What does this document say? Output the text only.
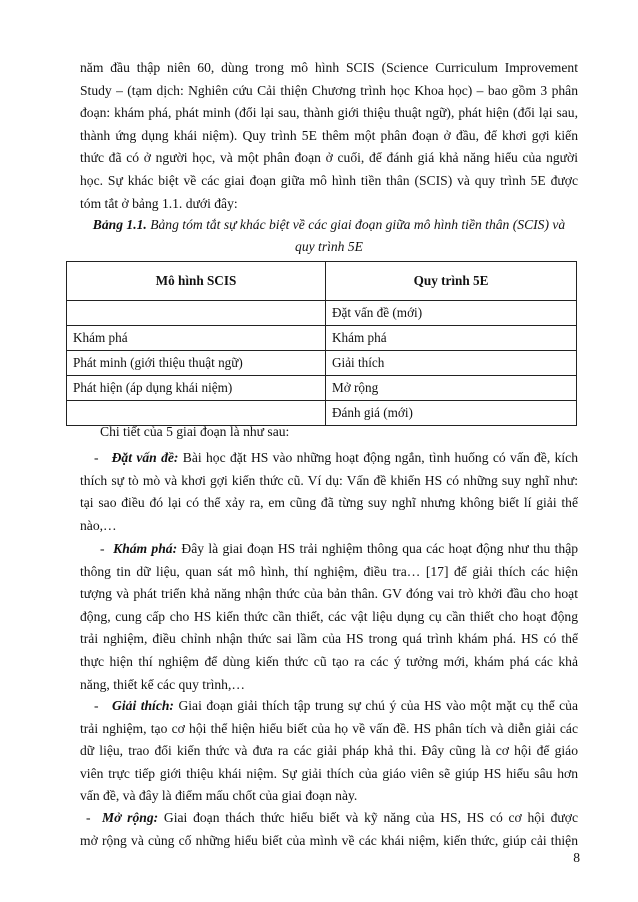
năm đầu thập niên 60, dùng trong mô hình SCIS (Science Curriculum Improvement
Study – (tạm dịch: Nghiên cứu Cải thiện Chương trình học Khoa học) – bao gồm 3 phân
đoạn: khám phá, phát minh (đổi lại sau, thành giới thiệu thuật ngữ), phát hiện (đổi lại sau,
thành ứng dụng khái niệm). Quy trình 5E thêm một phân đoạn ở đầu, để khơi gợi kiến
thức đã có ở người học, và một phân đoạn ở cuối, để đánh giá khả năng hiểu của người
học. Sự khác biệt về các giai đoạn giữa mô hình tiền thân (SCIS) và quy trình 5E được
tóm tắt ở bảng 1.1. dưới đây:
Bảng 1.1. Bảng tóm tắt sự khác biệt về các giai đoạn giữa mô hình tiền thân (SCIS) và
quy trình 5E
Mô hình SCIS	Quy trình 5E
	Đặt vấn đề (mới)
Khám phá	Khám phá
Phát minh (giới thiệu thuật ngữ)	Giải thích
Phát hiện (áp dụng khái niệm)	Mở rộng
	Đánh giá (mới)
Chi tiết của 5 giai đoạn là như sau:
- Đặt vấn đề: Bài học đặt HS vào những hoạt động ngắn, tình huống có vấn đề, kích
thích sự tò mò và khơi gợi kiến thức cũ. Ví dụ: Vấn đề khiến HS có những suy nghĩ như:
tại sao điều đó lại có thể xảy ra, em cũng đã từng suy nghĩ nhưng không biết lí giải thế
nào,…
- Khám phá: Đây là giai đoạn HS trải nghiệm thông qua các hoạt động như thu thập
thông tin dữ liệu, quan sát mô hình, thí nghiệm, điều tra… [17] để giải thích các hiện
tượng và phát triển khả năng nhận thức của bản thân. GV đóng vai trò khởi đầu cho hoạt
động, cung cấp cho HS kiến thức cần thiết, các vật liệu dụng cụ cần thiết cho hoạt động
trải nghiệm, điều chỉnh nhận thức sai lầm của HS trong quá trình khám phá. HS có thể
thực hiện thí nghiệm để dùng kiến thức cũ tạo ra các ý tưởng mới, khám phá các khả
năng, thiết kế các quy trình,…
- Giải thích: Giai đoạn giải thích tập trung sự chú ý của HS vào một mặt cụ thể của
trải nghiệm, tạo cơ hội thể hiện hiểu biết của họ về vấn đề. HS phân tích và diễn giải các
dữ liệu, trao đổi kiến thức và đưa ra các giải pháp khả thi. Đây cũng là cơ hội để giáo
viên trực tiếp giới thiệu khái niệm. Sự giải thích của giáo viên sẽ giúp HS hiểu sâu hơn
vấn đề, và đây là điểm mấu chốt của giai đoạn này.
- Mở rộng: Giai đoạn thách thức hiểu biết và kỹ năng của HS, HS có cơ hội được
mở rộng và củng cố những hiểu biết của mình về các khái niệm, kiến thức, giúp cải thiện
8
